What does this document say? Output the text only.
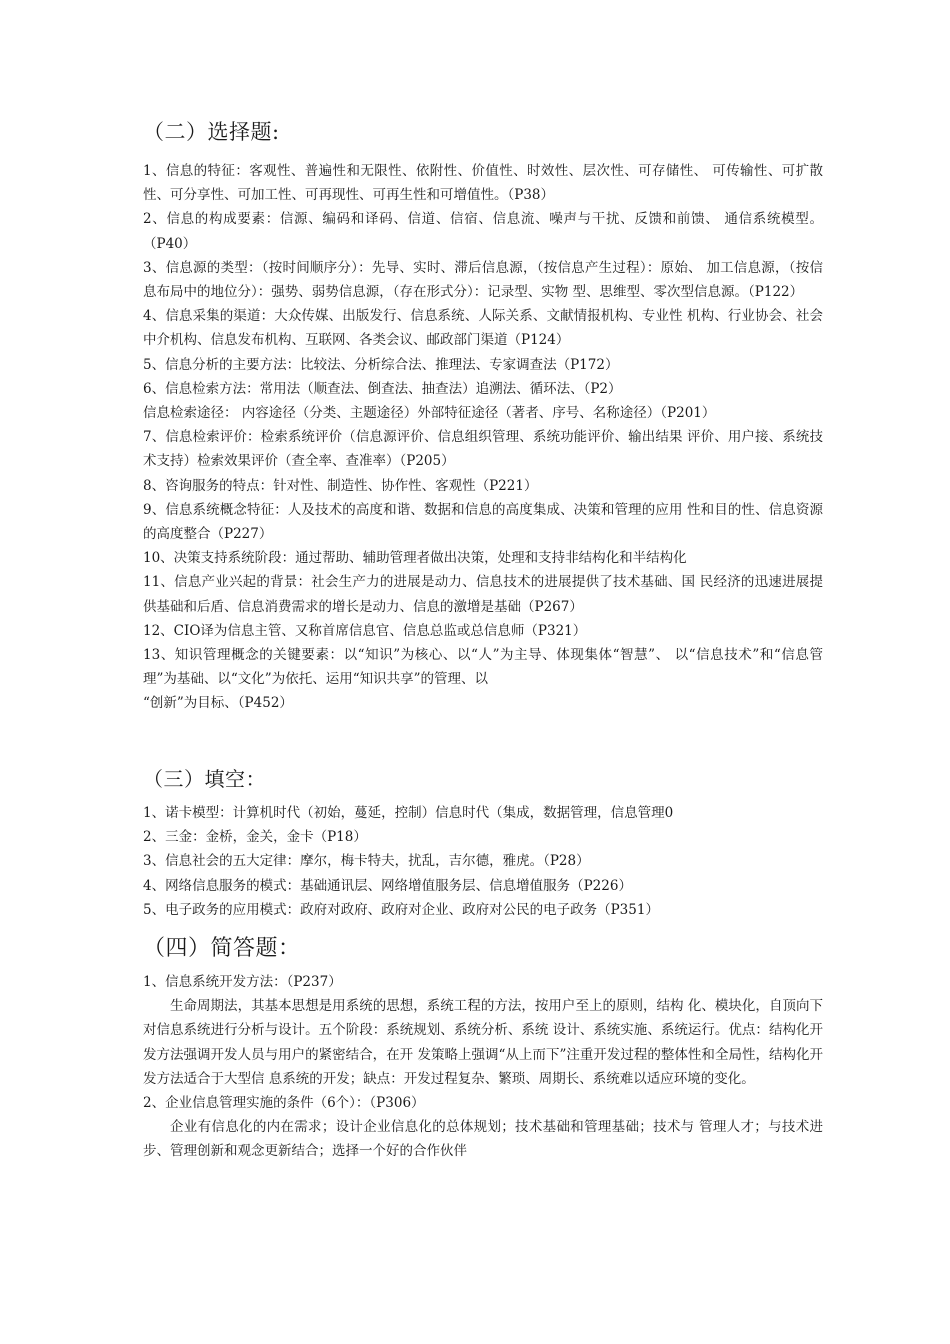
（二）选择题:

1、信息的特征：客观性、普遍性和无限性、依附性、价值性、时效性、层次性、可存储性、 可传输性、可扩散性、可分享性、可加工性、可再现性、可再生性和可增值性。（P38）

2、信息的构成要素：信源、编码和译码、信道、信宿、信息流、噪声与干扰、反馈和前馈、 通信系统模型。（P40）

3、信息源的类型：（按时间顺序分）：先导、实时、滞后信息源，（按信息产生过程）：原始、 加工信息源，（按信息布局中的地位分）：强势、弱势信息源，（存在形式分）：记录型、实物 型、思维型、零次型信息源。（P122）

4、信息采集的渠道：大众传媒、出版发行、信息系统、人际关系、文献情报机构、专业性 机构、行业协会、社会中介机构、信息发布机构、互联网、各类会议、邮政部门渠道（P124）

5、信息分析的主要方法：比较法、分析综合法、推理法、专家调查法（P172）

6、信息检索方法：常用法（顺查法、倒查法、抽查法）追溯法、循环法、（P2）

信息检索途径： 内容途径（分类、主题途径）外部特征途径（著者、序号、名称途径）（P201）

7、信息检索评价：检索系统评价（信息源评价、信息组织管理、系统功能评价、输出结果 评价、用户接、系统技术支持）检索效果评价（查全率、查准率）（P205）

8、咨询服务的特点：针对性、制造性、协作性、客观性（P221）

9、信息系统概念特征：人及技术的高度和谐、数据和信息的高度集成、决策和管理的应用 性和目的性、信息资源的高度整合（P227）

10、决策支持系统阶段：通过帮助、辅助管理者做出决策，处理和支持非结构化和半结构化

11、信息产业兴起的背景：社会生产力的进展是动力、信息技术的进展提供了技术基础、国 民经济的迅速进展提供基础和后盾、信息消费需求的增长是动力、信息的激增是基础（P267）

12、CIO译为信息主管、又称首席信息官、信息总监或总信息师（P321）

13、知识管理概念的关键要素：以“知识”为核心、以“人”为主导、体现集体“智慧”、 以“信息技术”和“信息管理”为基础、以“文化”为依托、运用“知识共享”的管理、以

“创新”为目标、（P452）

（三）填空：

1、诺卡模型：计算机时代（初始，蔓延，控制）信息时代（集成，数据管理，信息管理0

2、三金：金桥，金关，金卡（P18）

3、信息社会的五大定律：摩尔，梅卡特夫，扰乱，吉尔德，雅虎。（P28）

4、网络信息服务的模式：基础通讯层、网络增值服务层、信息增值服务（P226）

5、电子政务的应用模式：政府对政府、政府对企业、政府对公民的电子政务（P351）

（四）简答题：

1、信息系统开发方法：（P237）

生命周期法，其基本思想是用系统的思想，系统工程的方法，按用户至上的原则，结构 化、模块化，自顶向下对信息系统进行分析与设计。五个阶段：系统规划、系统分析、系统 设计、系统实施、系统运行。优点：结构化开发方法强调开发人员与用户的紧密结合，在开 发策略上强调“从上而下”注重开发过程的整体性和全局性，结构化开发方法适合于大型信 息系统的开发；缺点：开发过程复杂、繁琐、周期长、系统难以适应环境的变化。

2、企业信息管理实施的条件（6个）：（P306）

企业有信息化的内在需求；设计企业信息化的总体规划；技术基础和管理基础；技术与 管理人才；与技术进步、管理创新和观念更新结合；选择一个好的合作伙伴
